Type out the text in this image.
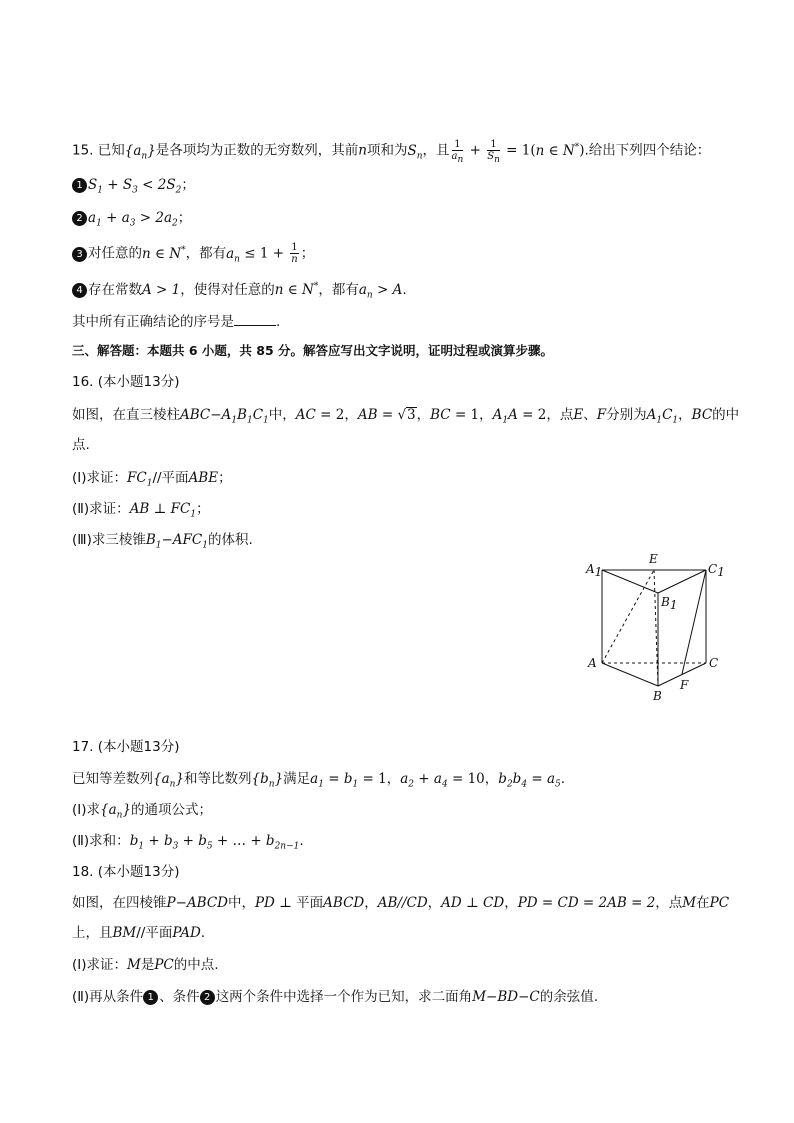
15. 已知$\{a_n\}$是各项均为正数的无穷数列，其前n项和为$S_n$，且 $\frac{1}{a_n} + \frac{1}{S_n} = 1(n$ ∈ N*).给出下列四个结论：
1 $S_1 + S_3 < 2S_2$；
2 $a_1 + a_3 > 2a_2$；
3 对任意的n ∈ N*，都有$a_n \le 1 + \frac{1}{n}$ ；
4 存在常数A > 1，使得对任意的n ∈ N*，都有$a_n > A$.
其中所有正确结论的序号是	.
三、解答题：本题共 6 小题，共 85 分。解答应写出文字说明，证明过程或演算步骤。
16. (本小题13分)
如图，在直三棱柱$ABC-A_1B_1C_1$中，AC = 2，AB = √3，BC = 1，$A_1A = 2$，点E、F分别为$A_1C_1$，BC的中
点.
(Ⅰ)求证：$FC_1//$平面ABE；
(Ⅱ)求证：AB ⊥ $FC_1$；
(Ⅲ)求三棱锥$B_1-AFC_1$的体积.
A1
E
C1
B1
A	C
F
B
17. (本小题13分)
已知等差数列$\{a_n\}$和等比数列$\{b_n\}$满足$a_1 = b_1 = 1$，$a_2 + a_4 = 10$，$b_2b_4 = a_5$.
(Ⅰ)求$\{a_n\}$的通项公式；
(Ⅱ)求和：$b_1 + b_3 + b_5$ + … + $b_{2n-1}$.
18. (本小题13分)
如图，在四棱锥P−ABCD中，PD ⊥ 平面ABCD，AB//CD，AD ⊥ CD，PD = CD = 2AB = 2，点M在PC
上，且BM//平面PAD.
(Ⅰ)求证：M是PC的中点.
(Ⅱ)再从条件 1 、条件 2 这两个条件中选择一个作为已知，求二面角M−BD−C的余弦值.
